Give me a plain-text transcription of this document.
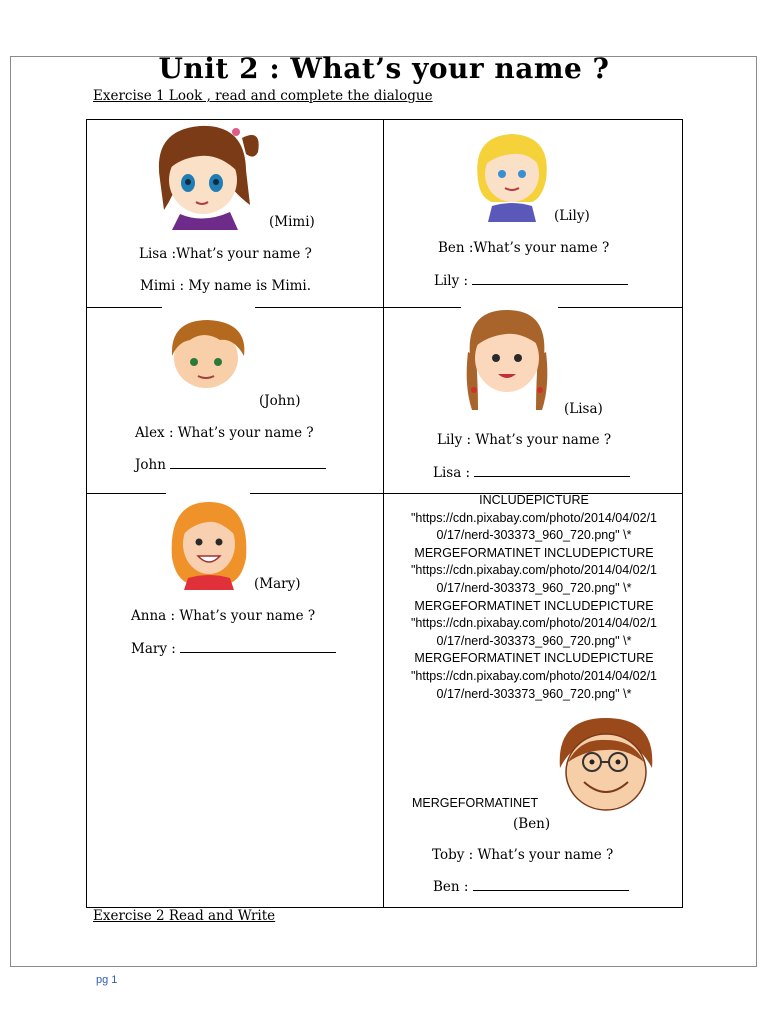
Unit 2 : What’s your name ?
Exercise 1 Look , read and complete the dialogue
(Mimi)
Lisa :What’s your name ?
Mimi : My name is Mimi.
(Lily)
Ben :What’s your name ?
Lily :
(John)
Alex : What’s your name ?
John
(Lisa)
Lily : What’s your name ?
Lisa :
(Mary)
Anna : What’s your name ?
Mary :
INCLUDEPICTURE
"https://cdn.pixabay.com/photo/2014/04/02/1
0/17/nerd-303373_960_720.png" \*
MERGEFORMATINET INCLUDEPICTURE
"https://cdn.pixabay.com/photo/2014/04/02/1
0/17/nerd-303373_960_720.png" \*
MERGEFORMATINET INCLUDEPICTURE
"https://cdn.pixabay.com/photo/2014/04/02/1
0/17/nerd-303373_960_720.png" \*
MERGEFORMATINET INCLUDEPICTURE
"https://cdn.pixabay.com/photo/2014/04/02/1
0/17/nerd-303373_960_720.png" \*
MERGEFORMATINET
(Ben)
Toby : What’s your name ?
Ben :
Exercise 2 Read and Write
pg 1
